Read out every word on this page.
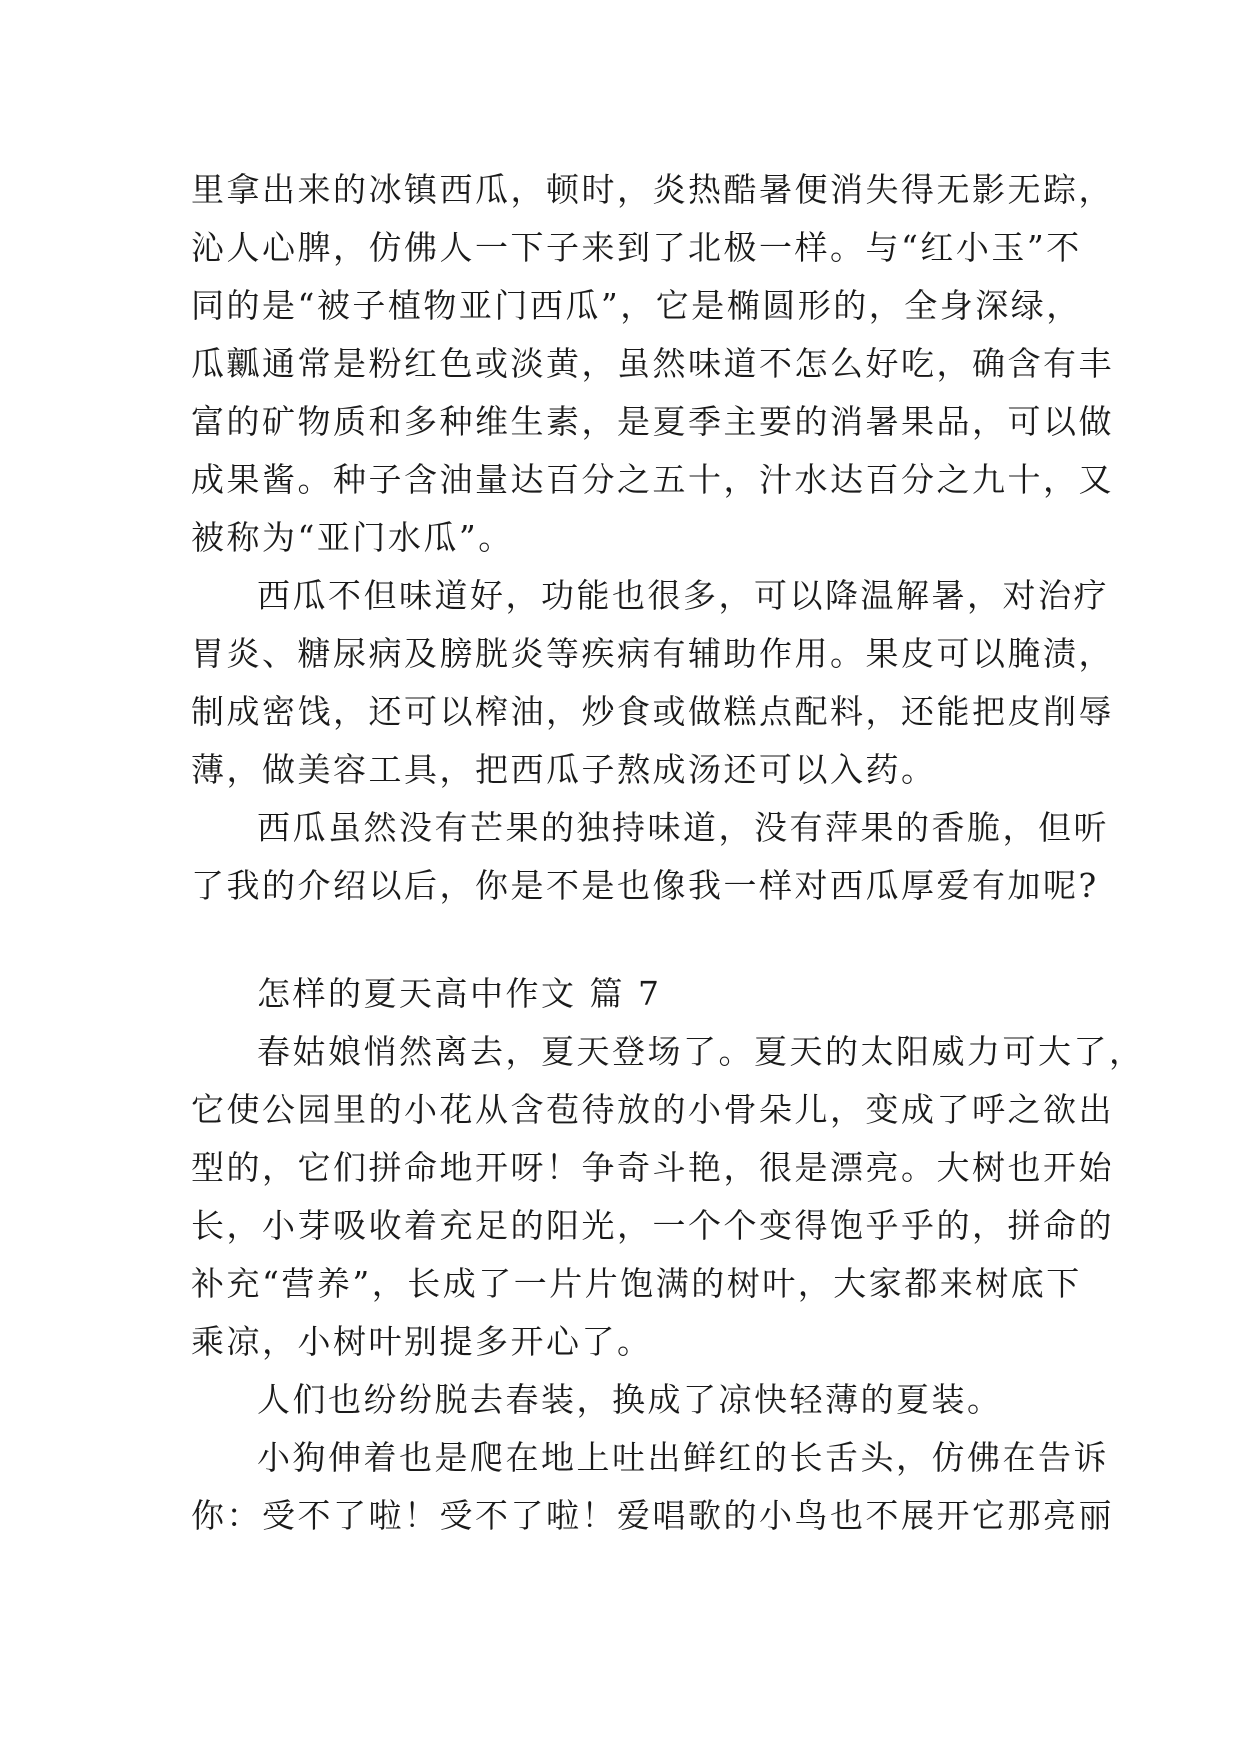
里拿出来的冰镇西瓜，顿时，炎热酷暑便消失得无影无踪，
沁人心脾，仿佛人一下子来到了北极一样。与“红小玉”不
同的是“被子植物亚门西瓜”，它是椭圆形的，全身深绿，
瓜瓤通常是粉红色或淡黄，虽然味道不怎么好吃，确含有丰
富的矿物质和多种维生素，是夏季主要的消暑果品，可以做
成果酱。种子含油量达百分之五十，汁水达百分之九十，又
被称为“亚门水瓜”。
西瓜不但味道好，功能也很多，可以降温解暑，对治疗
胃炎、糖尿病及膀胱炎等疾病有辅助作用。果皮可以腌渍，
制成密饯，还可以榨油，炒食或做糕点配料，还能把皮削辱
薄，做美容工具，把西瓜子熬成汤还可以入药。
西瓜虽然没有芒果的独持味道，没有萍果的香脆，但听
了我的介绍以后，你是不是也像我一样对西瓜厚爱有加呢?
怎样的夏天高中作文 篇 7
春姑娘悄然离去，夏天登场了。夏天的太阳威力可大了，
它使公园里的小花从含苞待放的小骨朵儿，变成了呼之欲出
型的，它们拼命地开呀！争奇斗艳，很是漂亮。大树也开始
长，小芽吸收着充足的阳光，一个个变得饱乎乎的，拼命的
补充“营养”，长成了一片片饱满的树叶，大家都来树底下
乘凉，小树叶别提多开心了。
人们也纷纷脱去春装，换成了凉快轻薄的夏装。
小狗伸着也是爬在地上吐出鲜红的长舌头，仿佛在告诉
你：受不了啦！受不了啦！爱唱歌的小鸟也不展开它那亮丽
